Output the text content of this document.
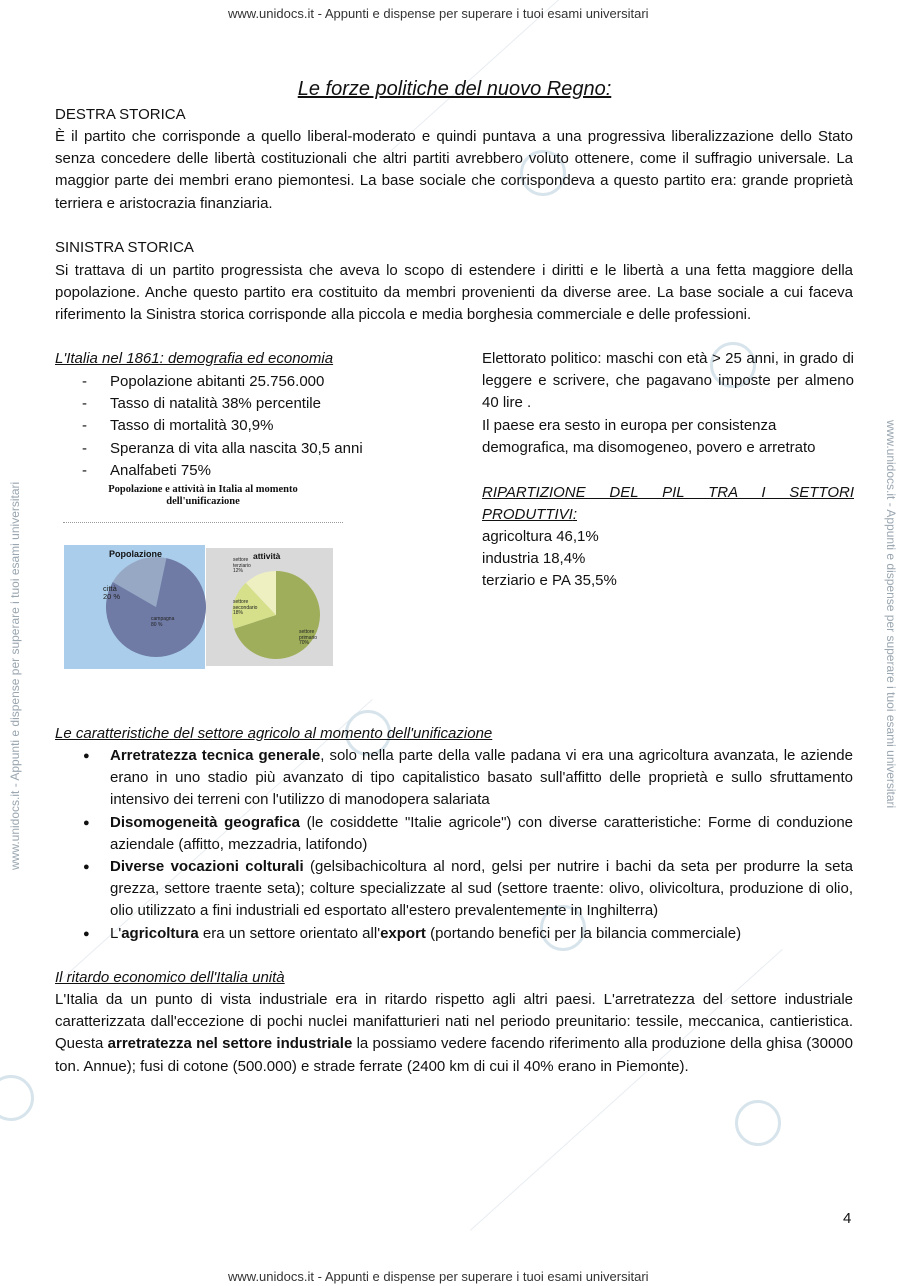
www.unidocs.it - Appunti e dispense per superare i tuoi esami universitari
www.unidocs.it - Appunti e dispense per superare i tuoi esami universitari
www.unidocs.it - Appunti e dispense per superare i tuoi esami universitari	www.unidocs.it - Appunti e dispense per superare i tuoi esami universitari
Le forze politiche del nuovo Regno:
DESTRA STORICA
È il partito che corrisponde a quello liberal-moderato e quindi puntava a una progressiva liberalizzazione dello Stato senza concedere delle libertà costituzionali che altri partiti avrebbero voluto ottenere, come il suffragio universale. La maggior parte dei membri erano piemontesi. La base sociale che corrispondeva a questo partito era: grande proprietà terriera e aristocrazia finanziaria.
SINISTRA STORICA
Si trattava di un partito progressista che aveva lo scopo di estendere i diritti e le libertà a una fetta maggiore della popolazione. Anche questo partito era costituito da membri provenienti da diverse aree. La base sociale a cui faceva riferimento la Sinistra storica corrisponde alla piccola e media borghesia commerciale e delle professioni.
L'Italia nel 1861: demografia ed economia
- Popolazione abitanti 25.756.000
- Tasso di natalità 38% percentile
- Tasso di mortalità 30,9%
- Speranza di vita alla nascita 30,5 anni
- Analfabeti 75%
Popolazione e attività in Italia al momento dell'unificazione
Popolazione	attività
città
20 %
campagna
80 %
settore
primario
70%
settore
secondario
18%
settore
terziario
12%
Elettorato politico: maschi con età > 25 anni, in grado di leggere e scrivere, che pagavano imposte per almeno 40 lire .
Il paese era sesto in europa per consistenza demografica, ma disomogeneo, povero e arretrato
RIPARTIZIONE DEL PIL TRA I SETTORI PRODUTTIVI:
agricoltura 46,1%
industria 18,4%
terziario e PA 35,5%
Le caratteristiche del settore agricolo al momento dell'unificazione
● Arretratezza tecnica generale, solo nella parte della valle padana vi era una agricoltura avanzata, le aziende erano in uno stadio più avanzato di tipo capitalistico basato sull'affitto delle proprietà e sullo sfruttamento intensivo dei terreni con l'utilizzo di manodopera salariata
● Disomogeneità geografica (le cosiddette "Italie agricole") con diverse caratteristiche: Forme di conduzione aziendale (affitto, mezzadria, latifondo)
● Diverse vocazioni colturali (gelsibachicoltura al nord, gelsi per nutrire i bachi da seta per produrre la seta grezza, settore traente seta); colture specializzate al sud (settore traente: olivo, olivicoltura, produzione di olio, olio utilizzato a fini industriali ed esportato all'estero prevalentemente in Inghilterra)
● L'agricoltura era un settore orientato all'export (portando benefici per la bilancia commerciale)
Il ritardo economico dell'Italia unità
L'Italia da un punto di vista industriale era in ritardo rispetto agli altri paesi. L'arretratezza del settore industriale caratterizzata dall'eccezione di pochi nuclei manifatturieri nati nel periodo preunitario: tessile, meccanica, cantieristica. Questa arretratezza nel settore industriale la possiamo vedere facendo riferimento alla produzione della ghisa (30000 ton. Annue); fusi di cotone (500.000) e strade ferrate (2400 km di cui il 40% erano in Piemonte).
4
